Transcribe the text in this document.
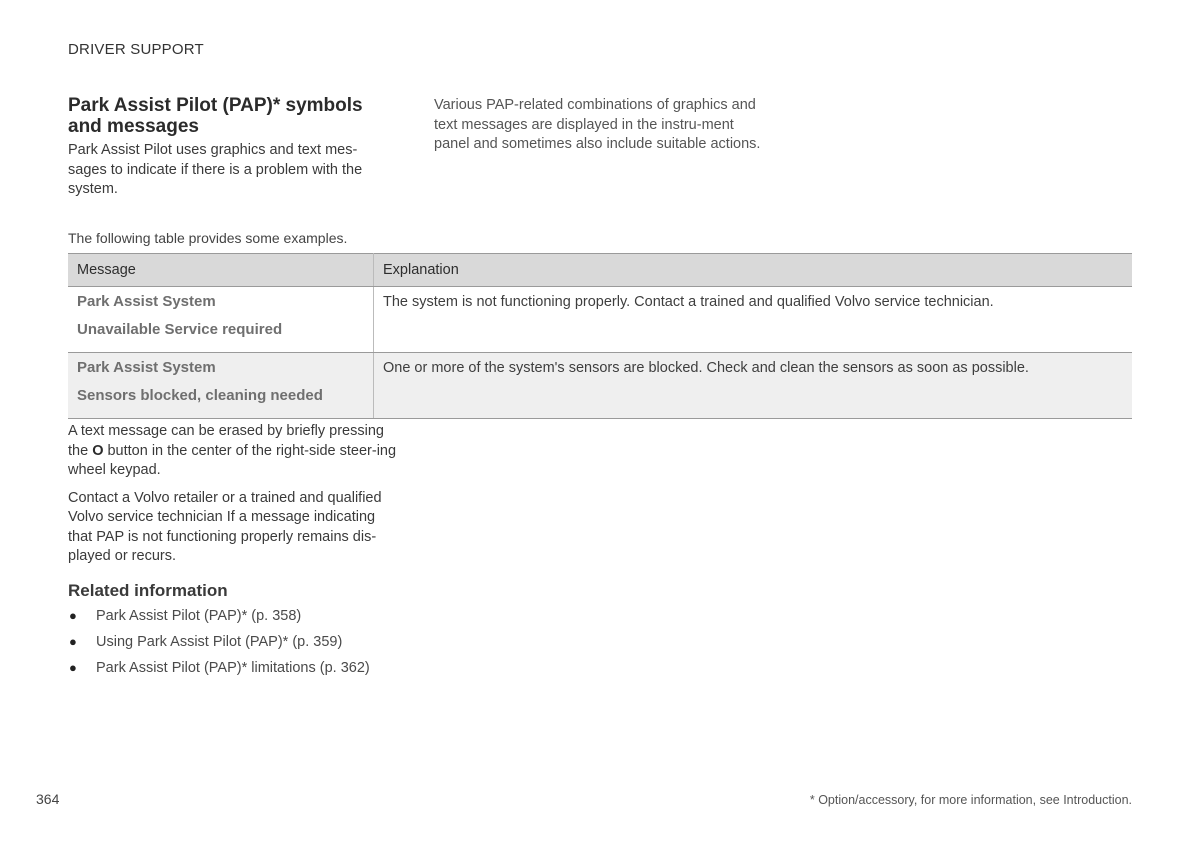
DRIVER SUPPORT
Park Assist Pilot (PAP)* symbols and messages

Park Assist Pilot uses graphics and text mes-sages to indicate if there is a problem with the system.

Various PAP-related combinations of graphics and text messages are displayed in the instru-ment panel and sometimes also include suitable actions.

The following table provides some examples.
Message	Explanation

Park Assist System
Unavailable Service required	The system is not functioning properly. Contact a trained and qualified Volvo service technician.

Park Assist System
Sensors blocked, cleaning needed	One or more of the system's sensors are blocked. Check and clean the sensors as soon as possible.

A text message can be erased by briefly pressing the O button in the center of the right-side steer-ing wheel keypad.

Contact a Volvo retailer or a trained and qualified Volvo service technician If a message indicating that PAP is not functioning properly remains dis-played or recurs.

Related information
● Park Assist Pilot (PAP)* (p. 358)
● Using Park Assist Pilot (PAP)* (p. 359)
● Park Assist Pilot (PAP)* limitations (p. 362)
364	* Option/accessory, for more information, see Introduction.
